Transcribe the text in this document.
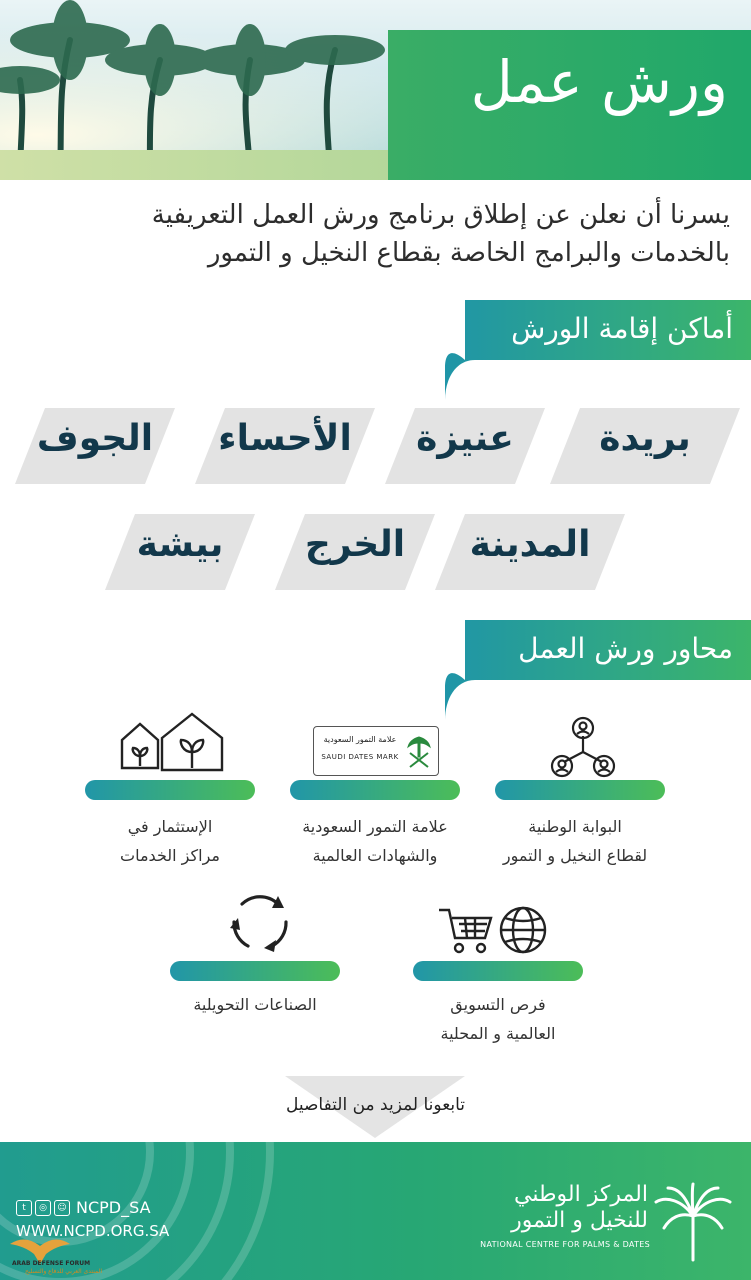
ورش عمل
يسرنا أن نعلن عن إطلاق برنامج ورش العمل التعريفية
بالخدمات والبرامج الخاصة بقطاع النخيل و التمور
أماكن إقامة الورش
بريدة
عنيزة
الأحساء
الجوف
المدينة
الخرج
بيشة
محاور ورش العمل
البوابة الوطنية
لقطاع النخيل و التمور
علامة التمور السعودية
SAUDI DATES MARK
علامة التمور السعودية
والشهادات العالمية
الإستثمار في
مراكز الخدمات
فرص التسويق
العالمية و المحلية
الصناعات التحويلية
تابعونا لمزيد من التفاصيل
المركز الوطني
للنخيل و التمور
NATIONAL CENTRE FOR PALMS & DATES
t	◎	☺ NCPD_SA
WWW.NCPD.ORG.SA
ARAB DEFENSE FORUM
المنتدى العربي للدفاع والتسليح
